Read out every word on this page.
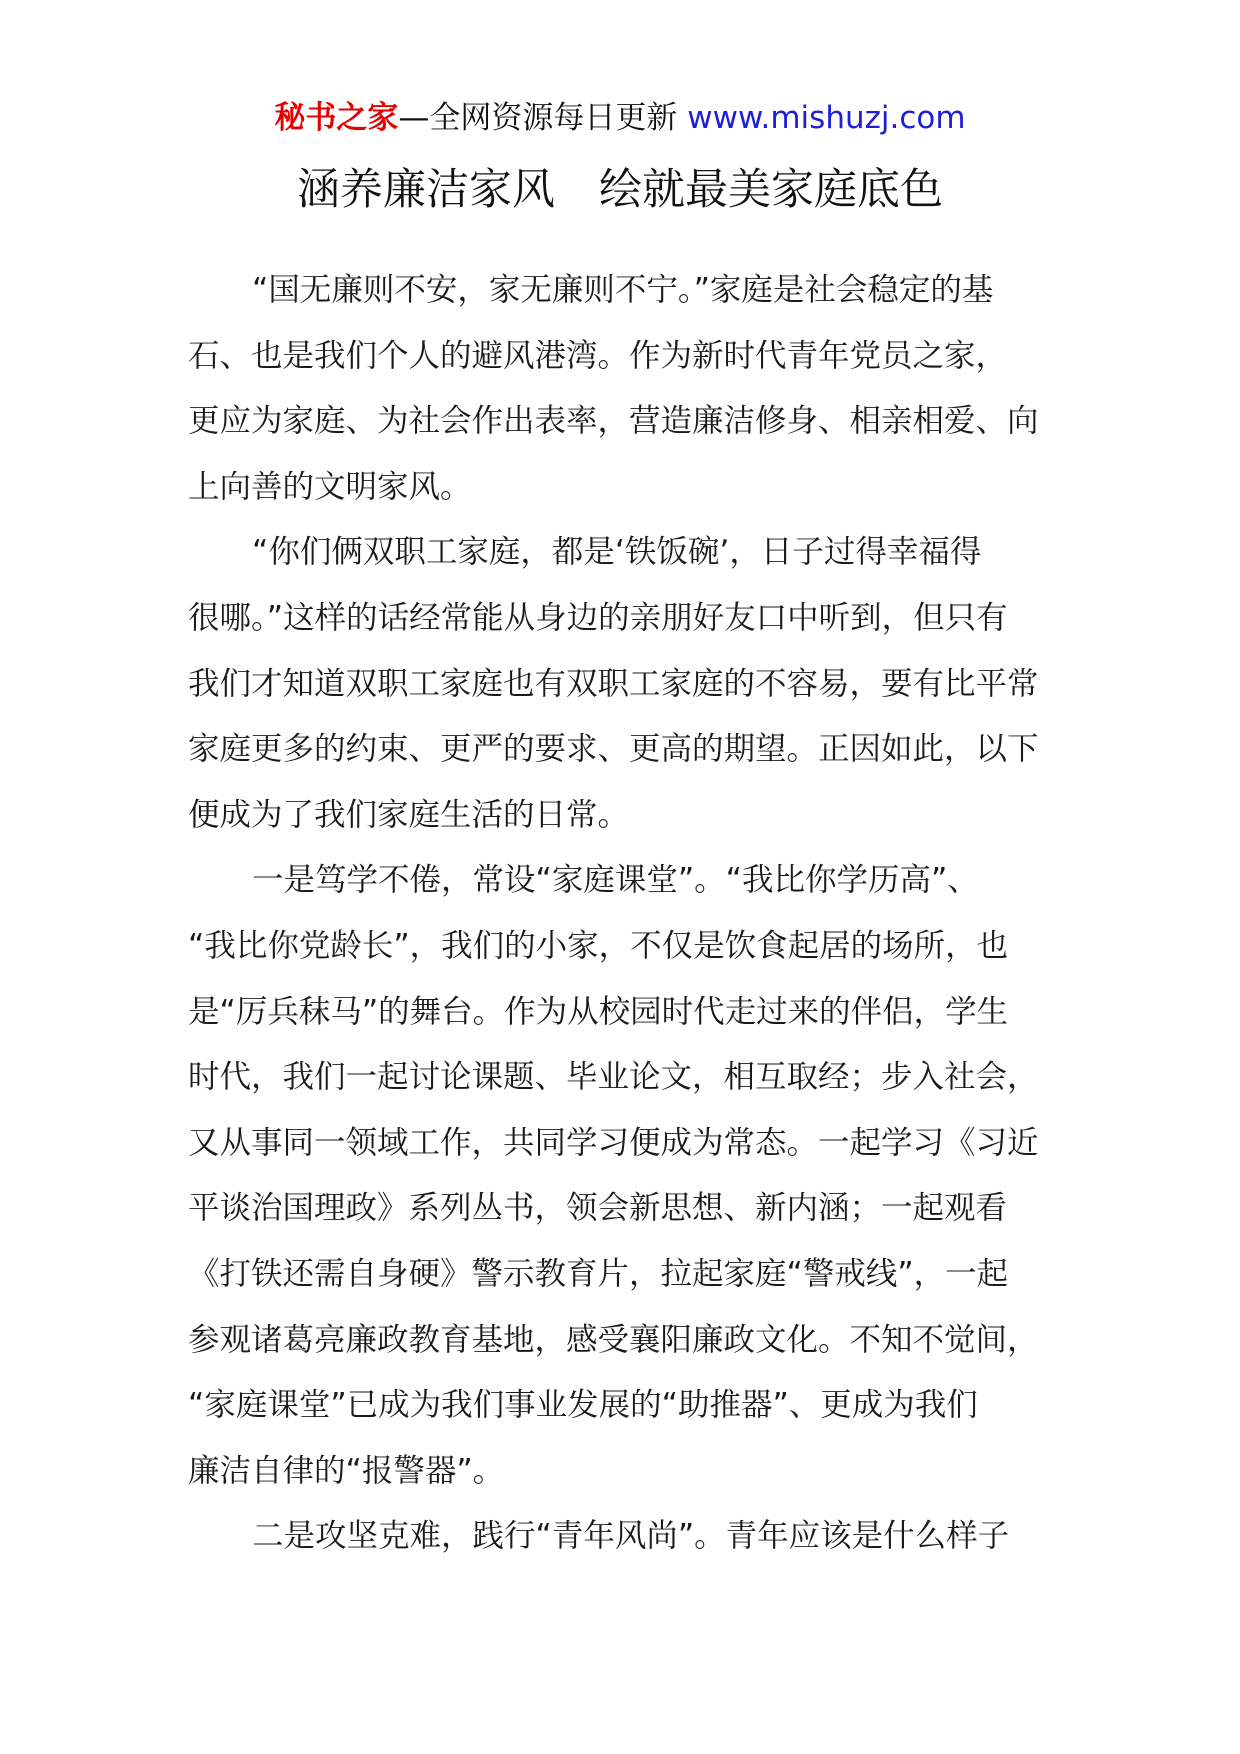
秘书之家—全网资源每日更新 www.mishuzj.com
涵养廉洁家风 绘就最美家庭底色
“国无廉则不安，家无廉则不宁。”家庭是社会稳定的基
石、也是我们个人的避风港湾。作为新时代青年党员之家，
更应为家庭、为社会作出表率，营造廉洁修身、相亲相爱、向
上向善的文明家风。
“你们俩双职工家庭，都是‘铁饭碗’，日子过得幸福得
很哪。”这样的话经常能从身边的亲朋好友口中听到，但只有
我们才知道双职工家庭也有双职工家庭的不容易，要有比平常
家庭更多的约束、更严的要求、更高的期望。正因如此，以下
便成为了我们家庭生活的日常。
一是笃学不倦，常设“家庭课堂”。“我比你学历高”、
“我比你党龄长”，我们的小家，不仅是饮食起居的场所，也
是“厉兵秣马”的舞台。作为从校园时代走过来的伴侣，学生
时代，我们一起讨论课题、毕业论文，相互取经；步入社会，
又从事同一领域工作，共同学习便成为常态。一起学习《习近
平谈治国理政》系列丛书，领会新思想、新内涵；一起观看
《打铁还需自身硬》警示教育片，拉起家庭“警戒线”，一起
参观诸葛亮廉政教育基地，感受襄阳廉政文化。不知不觉间，
“家庭课堂”已成为我们事业发展的“助推器”、更成为我们
廉洁自律的“报警器”。
二是攻坚克难，践行“青年风尚”。青年应该是什么样子
